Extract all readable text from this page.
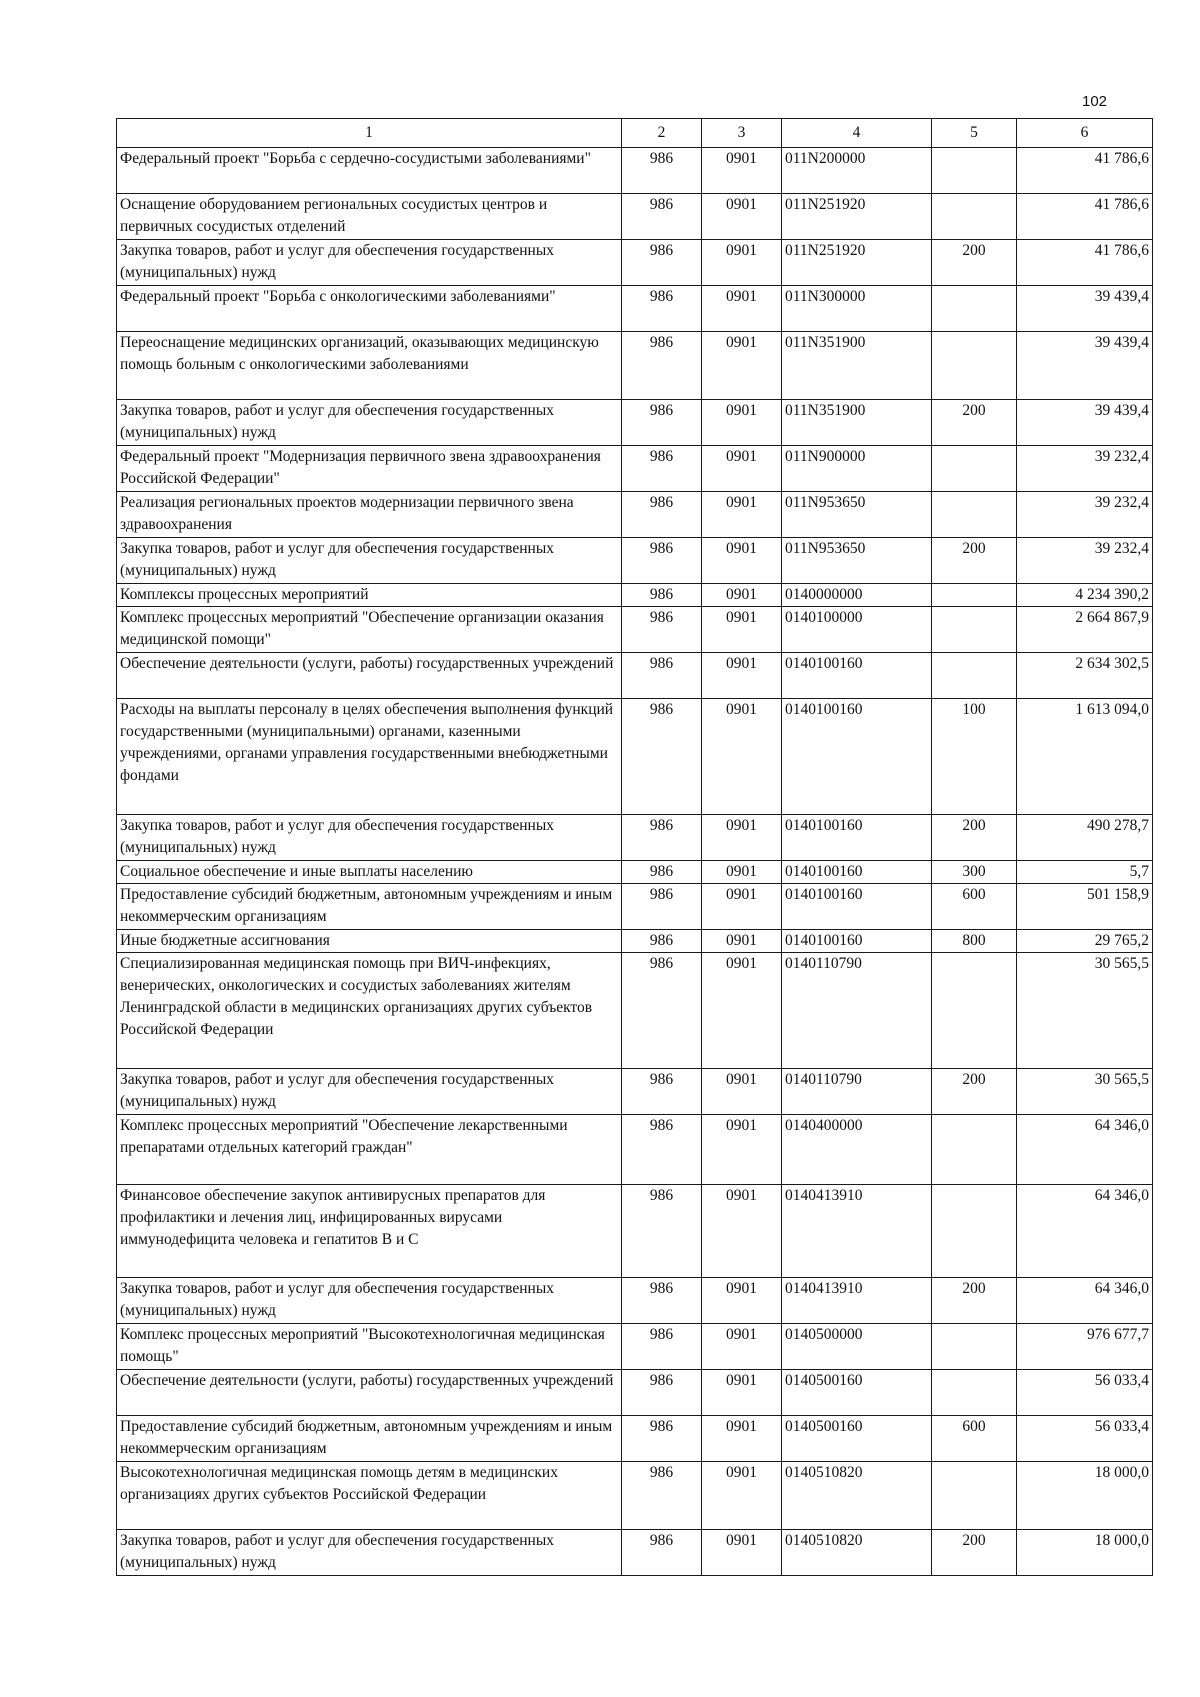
102
1	2	3	4	5	6
Федеральный проект "Борьба с сердечно-сосудистыми заболеваниями"	986	0901	011N200000		41 786,6
Оснащение оборудованием региональных сосудистых центров и первичных сосудистых отделений	986	0901	011N251920		41 786,6
Закупка товаров, работ и услуг для обеспечения государственных (муниципальных) нужд	986	0901	011N251920	200	41 786,6
Федеральный проект "Борьба с онкологическими заболеваниями"	986	0901	011N300000		39 439,4
Переоснащение медицинских организаций, оказывающих медицинскую помощь больным с онкологическими заболеваниями	986	0901	011N351900		39 439,4
Закупка товаров, работ и услуг для обеспечения государственных (муниципальных) нужд	986	0901	011N351900	200	39 439,4
Федеральный проект "Модернизация первичного звена здравоохранения Российской Федерации"	986	0901	011N900000		39 232,4
Реализация региональных проектов модернизации первичного звена здравоохранения	986	0901	011N953650		39 232,4
Закупка товаров, работ и услуг для обеспечения государственных (муниципальных) нужд	986	0901	011N953650	200	39 232,4
Комплексы процессных мероприятий	986	0901	0140000000		4 234 390,2
Комплекс процессных мероприятий "Обеспечение организации оказания медицинской помощи"	986	0901	0140100000		2 664 867,9
Обеспечение деятельности (услуги, работы) государственных учреждений	986	0901	0140100160		2 634 302,5
Расходы на выплаты персоналу в целях обеспечения выполнения функций государственными (муниципальными) органами, казенными учреждениями, органами управления государственными внебюджетными фондами	986	0901	0140100160	100	1 613 094,0
Закупка товаров, работ и услуг для обеспечения государственных (муниципальных) нужд	986	0901	0140100160	200	490 278,7
Социальное обеспечение и иные выплаты населению	986	0901	0140100160	300	5,7
Предоставление субсидий бюджетным, автономным учреждениям и иным некоммерческим организациям	986	0901	0140100160	600	501 158,9
Иные бюджетные ассигнования	986	0901	0140100160	800	29 765,2
Специализированная медицинская помощь при ВИЧ-инфекциях, венерических, онкологических и сосудистых заболеваниях жителям Ленинградской области в медицинских организациях других субъектов Российской Федерации	986	0901	0140110790		30 565,5
Закупка товаров, работ и услуг для обеспечения государственных (муниципальных) нужд	986	0901	0140110790	200	30 565,5
Комплекс процессных мероприятий "Обеспечение лекарственными препаратами отдельных категорий граждан"	986	0901	0140400000		64 346,0
Финансовое обеспечение закупок антивирусных препаратов для профилактики и лечения лиц, инфицированных вирусами иммунодефицита человека и гепатитов B и C	986	0901	0140413910		64 346,0
Закупка товаров, работ и услуг для обеспечения государственных (муниципальных) нужд	986	0901	0140413910	200	64 346,0
Комплекс процессных мероприятий "Высокотехнологичная медицинская помощь"	986	0901	0140500000		976 677,7
Обеспечение деятельности (услуги, работы) государственных учреждений	986	0901	0140500160		56 033,4
Предоставление субсидий бюджетным, автономным учреждениям и иным некоммерческим организациям	986	0901	0140500160	600	56 033,4
Высокотехнологичная медицинская помощь детям в медицинских организациях других субъектов Российской Федерации	986	0901	0140510820		18 000,0
Закупка товаров, работ и услуг для обеспечения государственных (муниципальных) нужд	986	0901	0140510820	200	18 000,0
